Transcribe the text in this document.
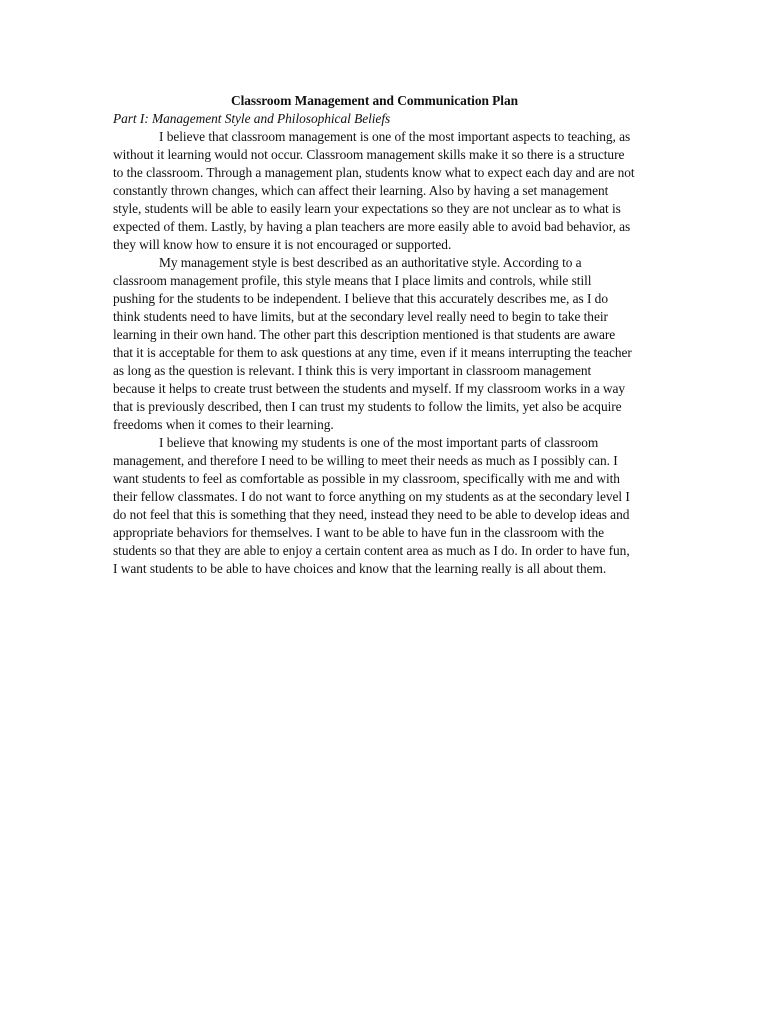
Classroom Management and Communication Plan

Part I: Management Style and Philosophical Beliefs

I believe that classroom management is one of the most important aspects to teaching, as without it learning would not occur. Classroom management skills make it so there is a structure to the classroom. Through a management plan, students know what to expect each day and are not constantly thrown changes, which can affect their learning. Also by having a set management style, students will be able to easily learn your expectations so they are not unclear as to what is expected of them. Lastly, by having a plan teachers are more easily able to avoid bad behavior, as they will know how to ensure it is not encouraged or supported.

My management style is best described as an authoritative style. According to a classroom management profile, this style means that I place limits and controls, while still pushing for the students to be independent. I believe that this accurately describes me, as I do think students need to have limits, but at the secondary level really need to begin to take their learning in their own hand. The other part this description mentioned is that students are aware that it is acceptable for them to ask questions at any time, even if it means interrupting the teacher as long as the question is relevant. I think this is very important in classroom management because it helps to create trust between the students and myself. If my classroom works in a way that is previously described, then I can trust my students to follow the limits, yet also be acquire freedoms when it comes to their learning.

I believe that knowing my students is one of the most important parts of classroom management, and therefore I need to be willing to meet their needs as much as I possibly can. I want students to feel as comfortable as possible in my classroom, specifically with me and with their fellow classmates. I do not want to force anything on my students as at the secondary level I do not feel that this is something that they need, instead they need to be able to develop ideas and appropriate behaviors for themselves. I want to be able to have fun in the classroom with the students so that they are able to enjoy a certain content area as much as I do. In order to have fun, I want students to be able to have choices and know that the learning really is all about them.
